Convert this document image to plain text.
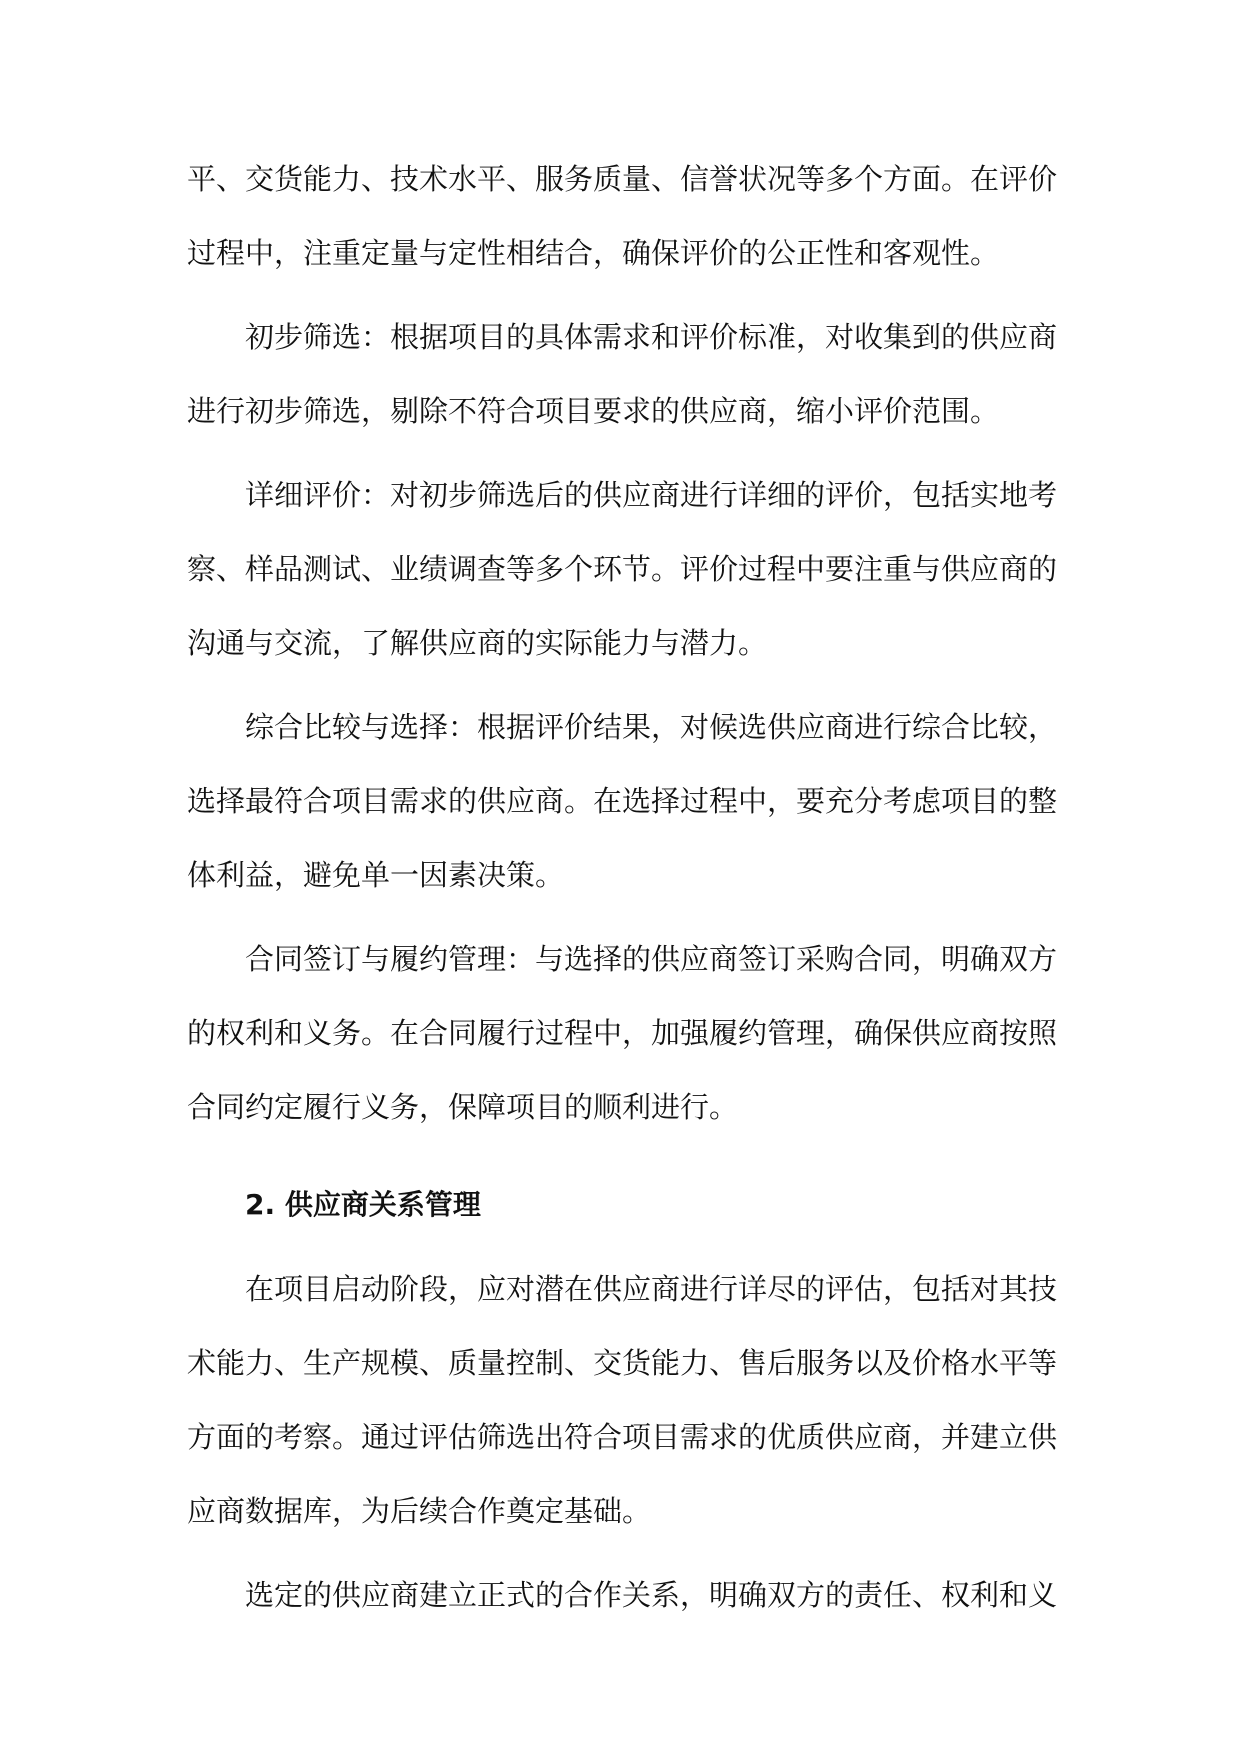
平、交货能力、技术水平、服务质量、信誉状况等多个方面。在评价
过程中，注重定量与定性相结合，确保评价的公正性和客观性。
初步筛选：根据项目的具体需求和评价标准，对收集到的供应商
进行初步筛选，剔除不符合项目要求的供应商，缩小评价范围。
详细评价：对初步筛选后的供应商进行详细的评价，包括实地考
察、样品测试、业绩调查等多个环节。评价过程中要注重与供应商的
沟通与交流，了解供应商的实际能力与潜力。
综合比较与选择：根据评价结果，对候选供应商进行综合比较，
选择最符合项目需求的供应商。在选择过程中，要充分考虑项目的整
体利益，避免单一因素决策。
合同签订与履约管理：与选择的供应商签订采购合同，明确双方
的权利和义务。在合同履行过程中，加强履约管理，确保供应商按照
合同约定履行义务，保障项目的顺利进行。
2. 供应商关系管理
在项目启动阶段，应对潜在供应商进行详尽的评估，包括对其技
术能力、生产规模、质量控制、交货能力、售后服务以及价格水平等
方面的考察。通过评估筛选出符合项目需求的优质供应商，并建立供
应商数据库，为后续合作奠定基础。
选定的供应商建立正式的合作关系，明确双方的责任、权利和义
